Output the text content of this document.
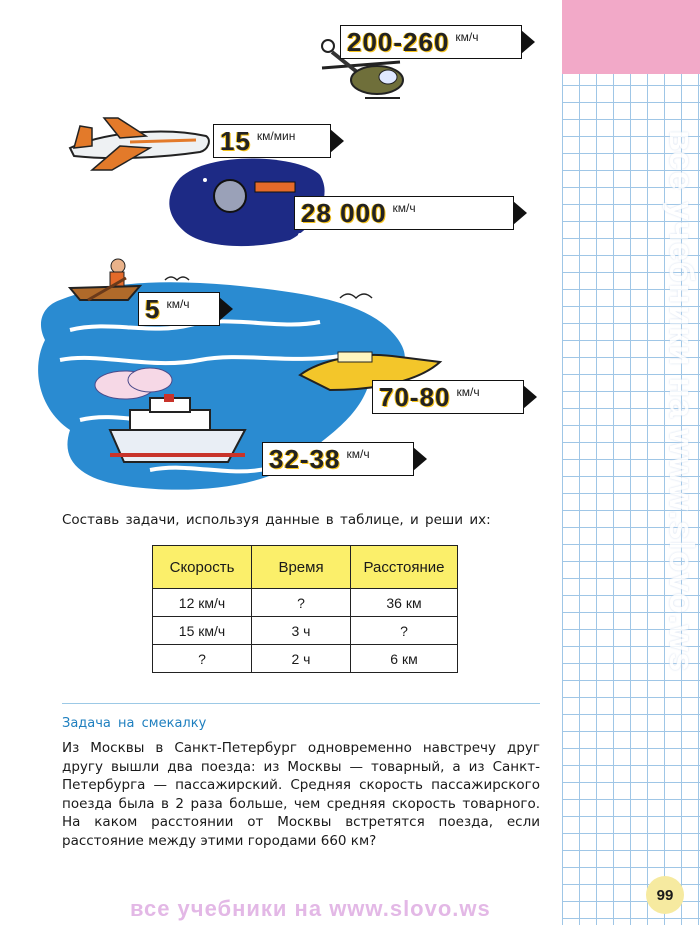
все учебники на www.slovo.ws
99
200-260 км/ч
15 км/мин
28 000 км/ч
5 км/ч
70-80 км/ч
32-38 км/ч
Составь задачи, используя данные в таблице, и реши их:
Скорость	Время	Расстояние
12 км/ч	?	36 км
15 км/ч	3 ч	?
?	2 ч	6 км
Задача на смекалку
Из Москвы в Санкт-Петербург одновременно навстречу друг другу вышли два поезда: из Москвы — товарный, а из Санкт-Петербурга — пассажирский. Средняя скорость пассажирского поезда была в 2 раза больше, чем средняя скорость товарного. На каком расстоянии от Москвы встретятся поезда, если расстояние между этими городами 660 км?
все учебники на www.slovo.ws
